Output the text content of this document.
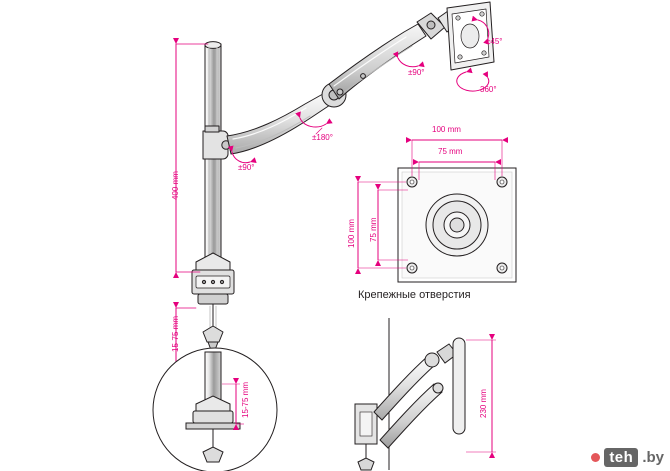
400 mm
15-75 mm
±90°
±180°
±90°
±45°
360°
100 mm
75 mm
100 mm 75 mm
15-75 mm	230 mm
Крепежные отверстия
teh .by
